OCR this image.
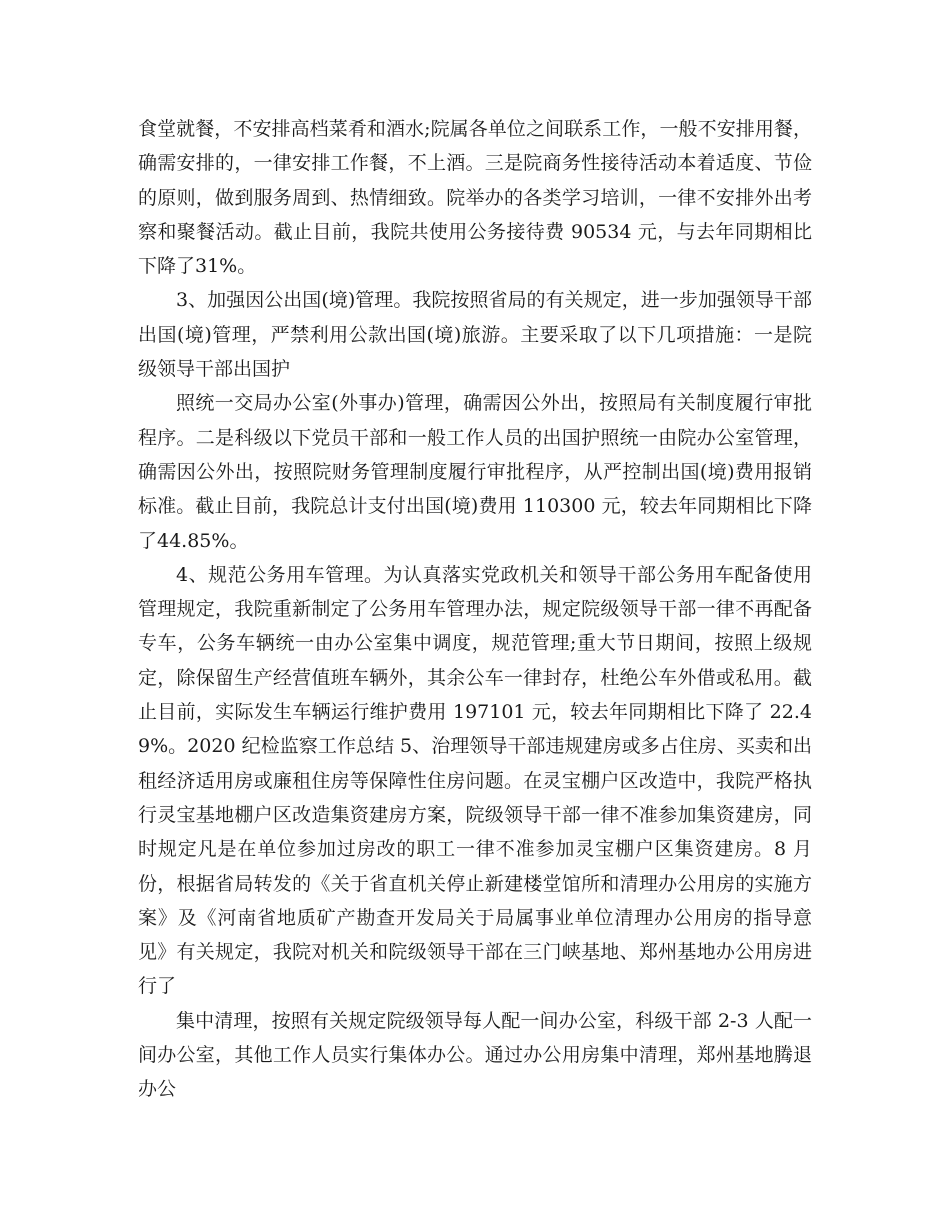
食堂就餐，不安排高档菜肴和酒水;院属各单位之间联系工作，一般不安排用餐，确需安排的，一律安排工作餐，不上酒。三是院商务性接待活动本着适度、节俭的原则，做到服务周到、热情细致。院举办的各类学习培训，一律不安排外出考察和聚餐活动。截止目前，我院共使用公务接待费 90534 元，与去年同期相比下降了31%。

3、加强因公出国(境)管理。我院按照省局的有关规定，进一步加强领导干部出国(境)管理，严禁利用公款出国(境)旅游。主要采取了以下几项措施：一是院级领导干部出国护

照统一交局办公室(外事办)管理，确需因公外出，按照局有关制度履行审批程序。二是科级以下党员干部和一般工作人员的出国护照统一由院办公室管理，确需因公外出，按照院财务管理制度履行审批程序，从严控制出国(境)费用报销标准。截止目前，我院总计支付出国(境)费用 110300 元，较去年同期相比下降了44.85%。

4、规范公务用车管理。为认真落实党政机关和领导干部公务用车配备使用管理规定，我院重新制定了公务用车管理办法，规定院级领导干部一律不再配备专车，公务车辆统一由办公室集中调度，规范管理;重大节日期间，按照上级规定，除保留生产经营值班车辆外，其余公车一律封存，杜绝公车外借或私用。截止目前，实际发生车辆运行维护费用 197101 元，较去年同期相比下降了 22.49%。2020 纪检监察工作总结 5、治理领导干部违规建房或多占住房、买卖和出租经济适用房或廉租住房等保障性住房问题。在灵宝棚户区改造中，我院严格执行灵宝基地棚户区改造集资建房方案，院级领导干部一律不准参加集资建房，同时规定凡是在单位参加过房改的职工一律不准参加灵宝棚户区集资建房。8 月份，根据省局转发的《关于省直机关停止新建楼堂馆所和清理办公用房的实施方案》及《河南省地质矿产勘查开发局关于局属事业单位清理办公用房的指导意见》有关规定，我院对机关和院级领导干部在三门峡基地、郑州基地办公用房进行了

集中清理，按照有关规定院级领导每人配一间办公室，科级干部 2-3 人配一间办公室，其他工作人员实行集体办公。通过办公用房集中清理，郑州基地腾退办公
